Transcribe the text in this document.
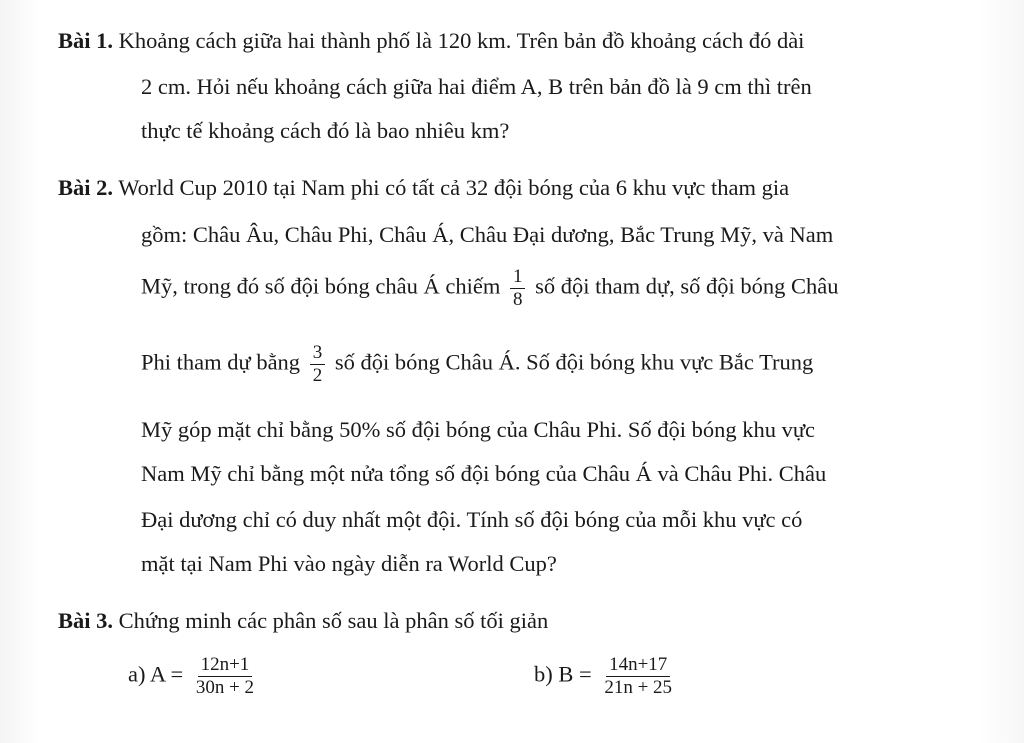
Bài 1. Khoảng cách giữa hai thành phố là 120 km. Trên bản đồ khoảng cách đó dài
2 cm. Hỏi nếu khoảng cách giữa hai điểm A, B trên bản đồ là 9 cm thì trên
thực tế khoảng cách đó là bao nhiêu km?
Bài 2. World Cup 2010 tại Nam phi có tất cả 32 đội bóng của 6 khu vực tham gia
gồm: Châu Âu, Châu Phi, Châu Á, Châu Đại dương, Bắc Trung Mỹ, và Nam
Mỹ, trong đó số đội bóng châu Á chiếm $\frac{1}{8}$ số đội tham dự, số đội bóng Châu
Phi tham dự bằng $\frac{3}{2}$ số đội bóng Châu Á. Số đội bóng khu vực Bắc Trung
Mỹ góp mặt chỉ bằng 50% số đội bóng của Châu Phi. Số đội bóng khu vực
Nam Mỹ chỉ bằng một nửa tổng số đội bóng của Châu Á và Châu Phi. Châu
Đại dương chỉ có duy nhất một đội. Tính số đội bóng của mỗi khu vực có
mặt tại Nam Phi vào ngày diễn ra World Cup?
Bài 3. Chứng minh các phân số sau là phân số tối giản
a) $A = \frac{12n+1}{30n + 2}$	b) $B = \frac{14n+17}{21n + 25}$
